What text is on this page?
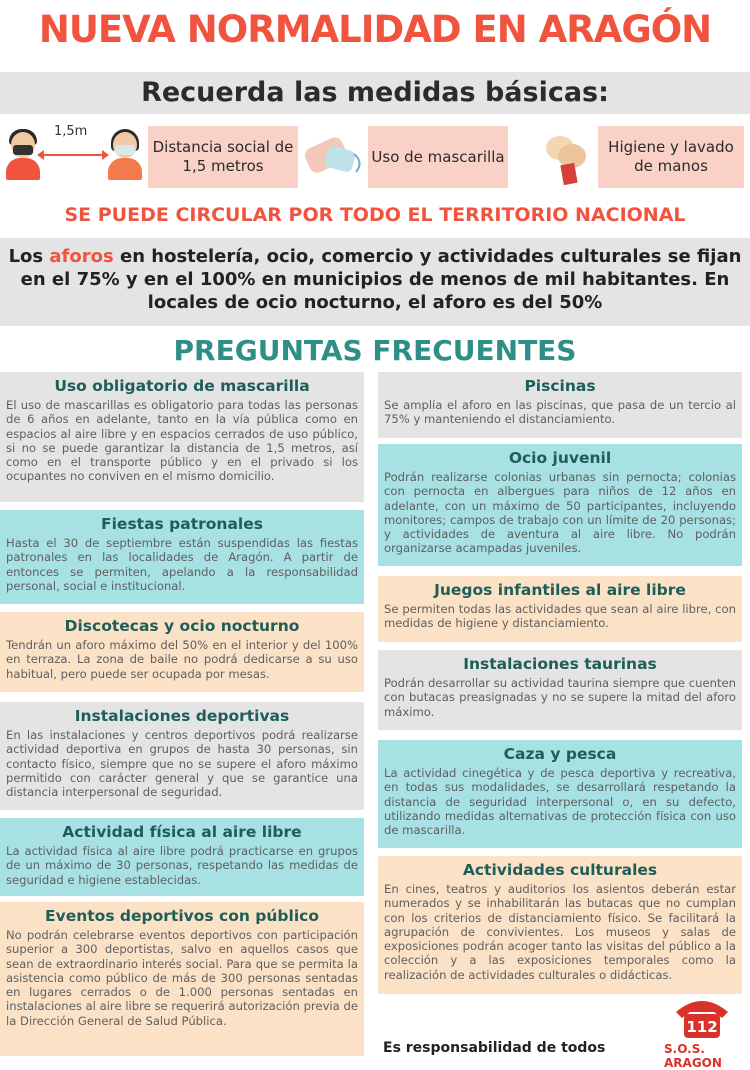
NUEVA NORMALIDAD EN ARAGÓN
Recuerda las medidas básicas:
1,5m
Distancia social de 1,5 metros
Uso de mascarilla
Higiene y lavado de manos
SE PUEDE CIRCULAR POR TODO EL TERRITORIO NACIONAL
Los aforos en hostelería, ocio, comercio y actividades culturales se fijan en el 75% y en el 100% en municipios de menos de mil habitantes. En locales de ocio nocturno, el aforo es del 50%
PREGUNTAS FRECUENTES
Uso obligatorio de mascarilla

El uso de mascarillas es obligatorio para todas las personas de 6 años en adelante, tanto en la vía pública como en espacios al aire libre y en espacios cerrados de uso público, si no se puede garantizar la distancia de 1,5 metros, así como en el transporte público y en el privado si los ocupantes no conviven en el mismo domicilio.

Fiestas patronales

Hasta el 30 de septiembre están suspendidas las fiestas patronales en las localidades de Aragón. A partir de entonces se permiten, apelando a la responsabilidad personal, social e institucional.

Discotecas y ocio nocturno

Tendrán un aforo máximo del 50% en el interior y del 100% en terraza. La zona de baile no podrá dedicarse a su uso habitual, pero puede ser ocupada por mesas.

Instalaciones deportivas

En las instalaciones y centros deportivos podrá realizarse actividad deportiva en grupos de hasta 30 personas, sin contacto físico, siempre que no se supere el aforo máximo permitido con carácter general y que se garantice una distancia interpersonal de seguridad.

Actividad física al aire libre

La actividad física al aire libre podrá practicarse en grupos de un máximo de 30 personas, respetando las medidas de seguridad e higiene establecidas.

Eventos deportivos con público

No podrán celebrarse eventos deportivos con participación superior a 300 deportistas, salvo en aquellos casos que sean de extraordinario interés social. Para que se permita la asistencia como público de más de 300 personas sentadas en lugares cerrados o de 1.000 personas sentadas en instalaciones al aire libre se requerirá autorización previa de la Dirección General de Salud Pública.

Piscinas

Se amplía el aforo en las piscinas, que pasa de un tercio al 75% y manteniendo el distanciamiento.

Ocio juvenil

Podrán realizarse colonias urbanas sin pernocta; colonias con pernocta en albergues para niños de 12 años en adelante, con un máximo de 50 participantes, incluyendo monitores; campos de trabajo con un límite de 20 personas; y actividades de aventura al aire libre. No podrán organizarse acampadas juveniles.

Juegos infantiles al aire libre

Se permiten todas las actividades que sean al aire libre, con medidas de higiene y distanciamiento.

Instalaciones taurinas

Podrán desarrollar su actividad taurina siempre que cuenten con butacas preasignadas y no se supere la mitad del aforo máximo.

Caza y pesca

La actividad cinegética y de pesca deportiva y recreativa, en todas sus modalidades, se desarrollará respetando la distancia de seguridad interpersonal o, en su defecto, utilizando medidas alternativas de protección física con uso de mascarilla.

Actividades culturales

En cines, teatros y auditorios los asientos deberán estar numerados y se inhabilitarán las butacas que no cumplan con los criterios de distanciamiento físico. Se facilitará la agrupación de convivientes. Los museos y salas de exposiciones podrán acoger tanto las visitas del público a la colección y a las exposiciones temporales como la realización de actividades culturales o didácticas.

Es responsabilidad de todos
112
S.O.S. ARAGON
